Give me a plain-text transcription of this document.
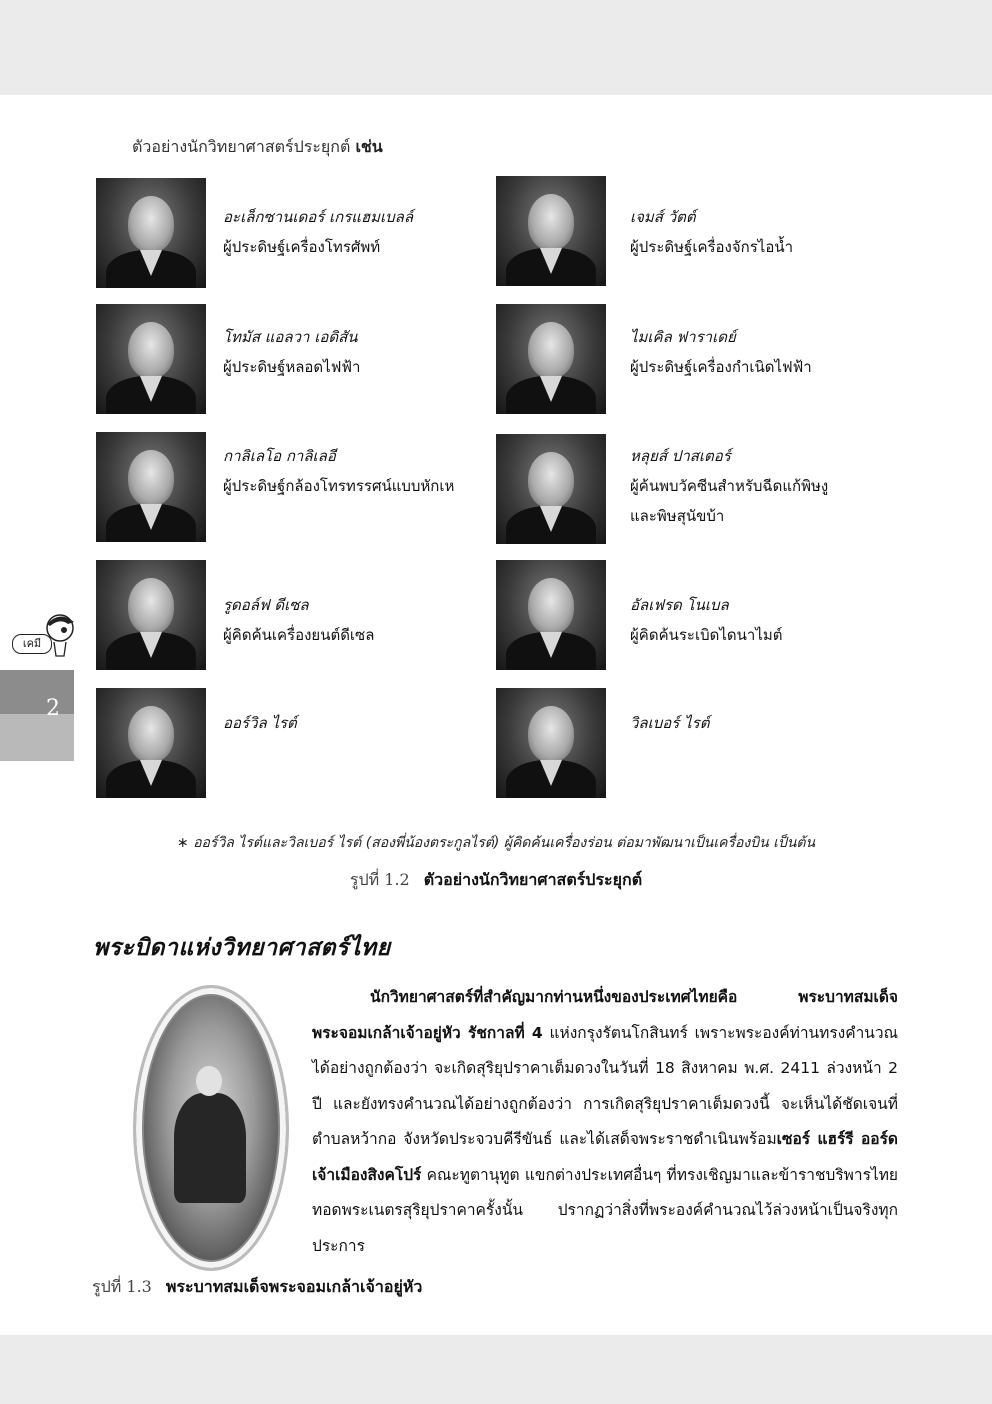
ตัวอย่างนักวิทยาศาสตร์ประยุกต์ เช่น
อะเล็กซานเดอร์ เกรแฮมเบลล์
ผู้ประดิษฐ์เครื่องโทรศัพท์
เจมส์ วัตต์
ผู้ประดิษฐ์เครื่องจักรไอน้ำ
โทมัส แอลวา เอดิสัน
ผู้ประดิษฐ์หลอดไฟฟ้า
ไมเคิล ฟาราเดย์
ผู้ประดิษฐ์เครื่องกำเนิดไฟฟ้า
กาลิเลโอ กาลิเลอี
ผู้ประดิษฐ์กล้องโทรทรรศน์แบบหักเห
หลุยส์ ปาสเตอร์
ผู้ค้นพบวัคซีนสำหรับฉีดแก้พิษงู
และพิษสุนัขบ้า
รูดอล์ฟ ดีเซล
ผู้คิดค้นเครื่องยนต์ดีเซล
อัลเฟรด โนเบล
ผู้คิดค้นระเบิดไดนาไมต์
ออร์วิล ไรต์	วิลเบอร์ ไรต์
∗ ออร์วิล ไรต์และวิลเบอร์ ไรต์ (สองพี่น้องตระกูลไรต์) ผู้คิดค้นเครื่องร่อน ต่อมาพัฒนาเป็นเครื่องบิน เป็นต้น
รูปที่ 1.2 ตัวอย่างนักวิทยาศาสตร์ประยุกต์
พระบิดาแห่งวิทยาศาสตร์ไทย
นักวิทยาศาสตร์ที่สำคัญมากท่านหนึ่งของประเทศไทยคือ พระบาทสมเด็จพระจอมเกล้าเจ้าอยู่หัว รัชกาลที่ 4 แห่งกรุงรัตนโกสินทร์ เพราะพระองค์ท่านทรงคำนวณได้อย่างถูกต้องว่า จะเกิดสุริยุปราคาเต็มดวงในวันที่ 18 สิงหาคม พ.ศ. 2411 ล่วงหน้า 2 ปี และยังทรงคำนวณได้อย่างถูกต้องว่า การเกิดสุริยุปราคาเต็มดวงนี้ จะเห็นได้ชัดเจนที่ตำบลหว้ากอ จังหวัดประจวบคีรีขันธ์ และได้เสด็จพระราชดำเนินพร้อมเซอร์ แฮร์รี ออร์ด เจ้าเมืองสิงคโปร์ คณะทูตานุทูต แขกต่างประเทศอื่นๆ ที่ทรงเชิญมาและข้าราชบริพารไทยทอดพระเนตรสุริยุปราคาครั้งนั้น ปรากฏว่าสิ่งที่พระองค์คำนวณไว้ล่วงหน้าเป็นจริงทุกประการ
รูปที่ 1.3 พระบาทสมเด็จพระจอมเกล้าเจ้าอยู่หัว
เคมี
2
